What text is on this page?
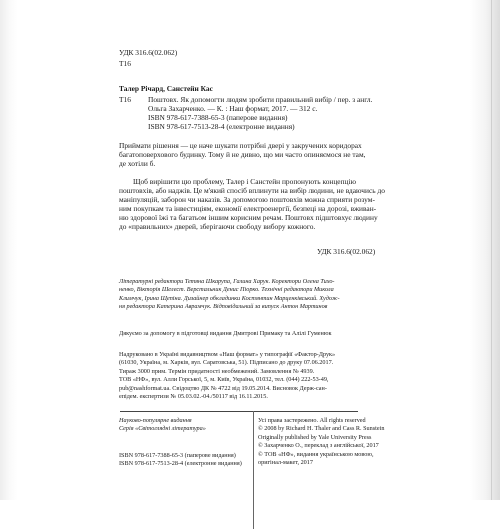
УДК 316.6(02.062)
Т16
Талер Річард, Санстейн Кас
Т16 Поштовх. Як допомогти людям зробити правильний вибір / пер. з англ.
Ольга Захарченко. — К. : Наш формат, 2017. — 312 с.
ISBN 978-617-7388-65-3 (паперове видання)
ISBN 978-617-7513-28-4 (електронне видання)
Приймати рішення — це наче шукати потрібні двері у закручених коридорах
багатоповерхового будинку. Тому й не дивно, що ми часто опиняємося не там,
де хотіли б.
Щоб вирішити цю проблему, Талер і Санстейн пропонують концепцію
поштовхів, або наджів. Це м'який спосіб вплинути на вибір людини, не вдаючись до
маніпуляцій, заборон чи наказів. За допомогою поштовхів можна сприяти розум-
ним покупкам та інвестиціям, економії електроенергії, безпеці на дорозі, вживан-
ню здорової їжі та багатьом іншим корисним речам. Поштовх підштовхує людину
до «правильних» дверей, зберігаючи свободу вибору кожного.
УДК 316.6(02.062)
Літературні редактори Тетяна Шкарупа, Галина Харук. Коректори Олена Тихо-
ненко, Вікторія Шелест. Верстальник Денис Піорко. Технічні редактори Микола
Климчук, Ірина Щепіна. Дизайнер обкладинки Костянтин Марценківський. Худож-
ня редактора Катерина Аврамчук. Відповідальний за випуск Антон Мартинов
Дякуємо за допомогу в підготовці видання Дмитрові Примаку та Алілі Гуменюк
Надруковано в Україні видавництвом «Наш формат» у типографії «Фактор-Друк»
(61030, Україна, м. Харків, вул. Саратовська, 51). Підписано до друку 07.06.2017.
Тираж 3000 прим. Термін придатності необмежений. Замовлення № 4939.
ТОВ «НФ», вул. Алли Горської, 5, м. Київ, Україна, 01032, тел. (044) 222-53-49,
pub@nashformat.ua. Свідоцтво ДК № 4722 від 19.05.2014. Висновок Держ-сан-
епідем. експертизи № 05.03.02.-04./50117 від 16.11.2015.
Науково-популярне видання
Серія «Світоглядні література»
ISBN 978-617-7388-65-3 (паперове видання)
ISBN 978-617-7513-28-4 (електронне видання)
Усі права застережено. All rights reserved
© 2008 by Richard H. Thaler and Cass R. Sunstein
Originally published by Yale University Press
© Захарченко О., переклад з англійської, 2017
© ТОВ «НФ», видання українською мовою,
оригінал-макет, 2017
